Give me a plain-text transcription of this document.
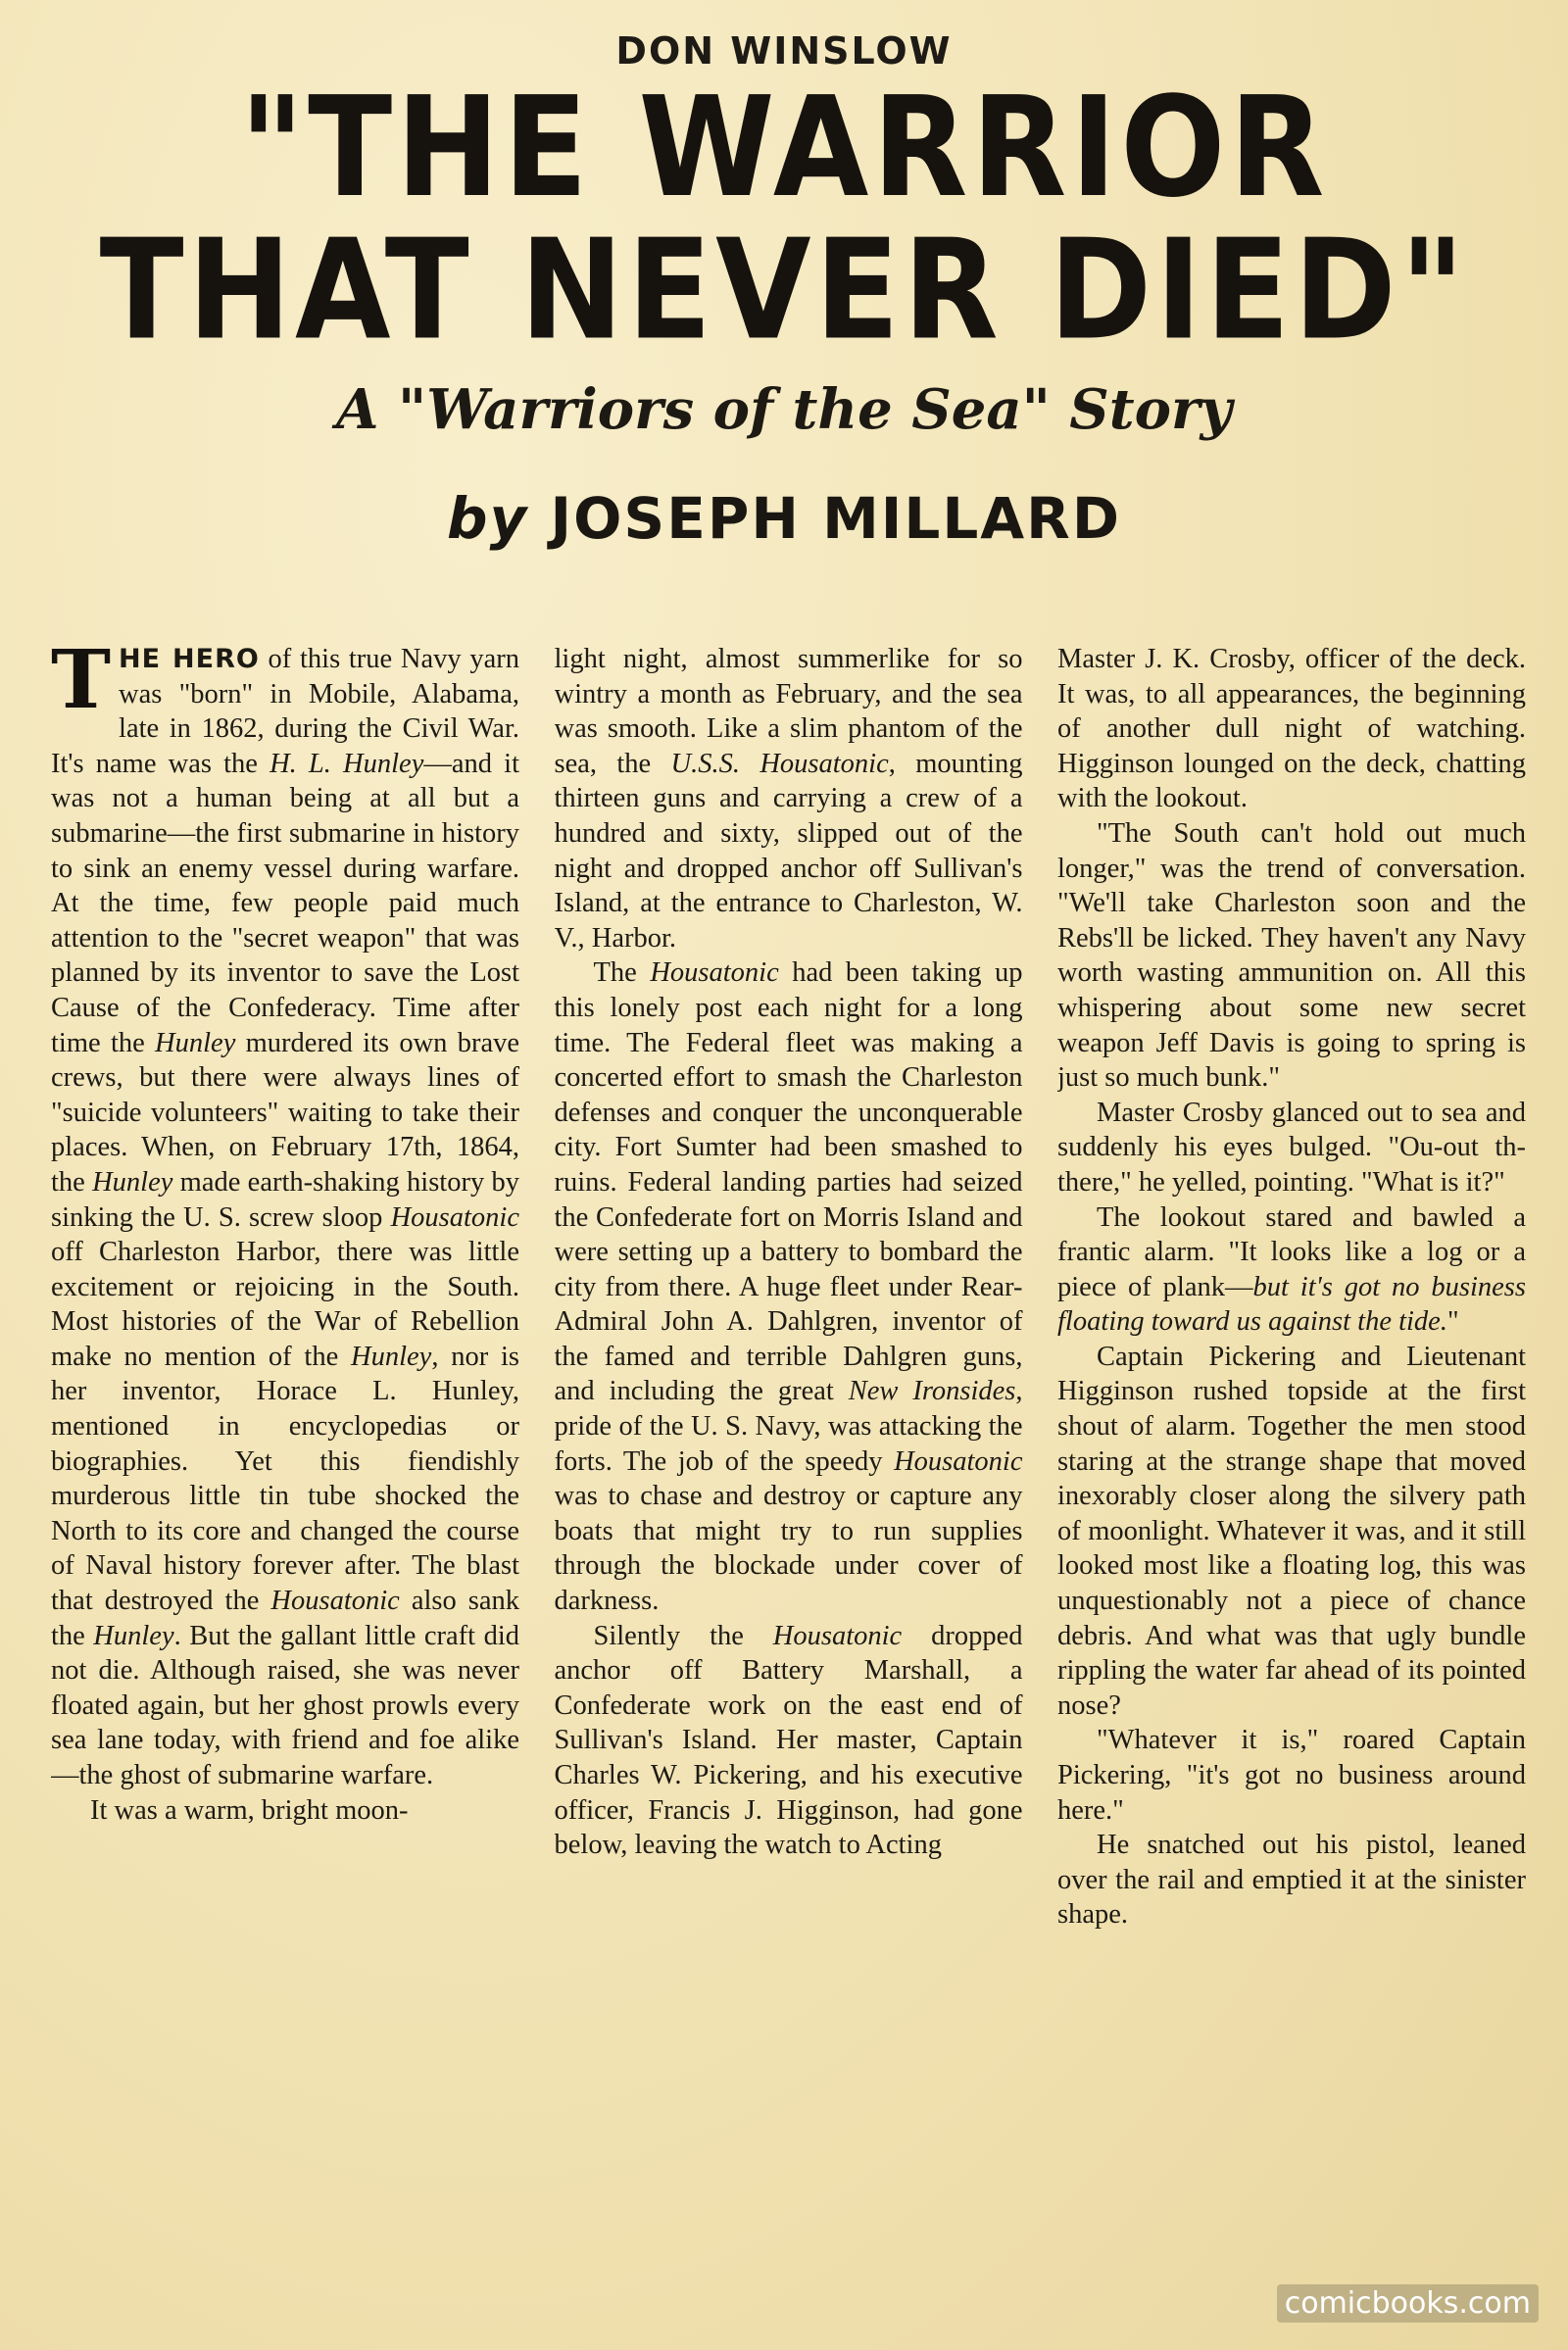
DON WINSLOW
"THE WARRIOR
THAT NEVER DIED"
A "Warriors of the Sea" Story
by JOSEPH MILLARD

THE HERO of this true Navy yarn was "born" in Mobile, Alabama, late in 1862, during the Civil War. It's name was the H. L. Hunley—and it was not a human being at all but a submarine—the first submarine in history to sink an enemy vessel during warfare. At the time, few people paid much attention to the "secret weapon" that was planned by its inventor to save the Lost Cause of the Confederacy. Time after time the Hunley murdered its own brave crews, but there were always lines of "suicide volunteers" waiting to take their places. When, on February 17th, 1864, the Hunley made earth-shaking history by sinking the U. S. screw sloop Housatonic off Charleston Harbor, there was little excitement or rejoicing in the South. Most histories of the War of Rebellion make no mention of the Hunley, nor is her inventor, Horace L. Hunley, mentioned in encyclopedias or biographies. Yet this fiendishly murderous little tin tube shocked the North to its core and changed the course of Naval history forever after. The blast that destroyed the Housatonic also sank the Hunley. But the gallant little craft did not die. Although raised, she was never floated again, but her ghost prowls every sea lane today, with friend and foe alike—the ghost of submarine warfare.

It was a warm, bright moon-

light night, almost summerlike for so wintry a month as February, and the sea was smooth. Like a slim phantom of the sea, the U.S.S. Housatonic, mounting thirteen guns and carrying a crew of a hundred and sixty, slipped out of the night and dropped anchor off Sullivan's Island, at the entrance to Charleston, W. V., Harbor.

The Housatonic had been taking up this lonely post each night for a long time. The Federal fleet was making a concerted effort to smash the Charleston defenses and conquer the unconquerable city. Fort Sumter had been smashed to ruins. Federal landing parties had seized the Confederate fort on Morris Island and were setting up a battery to bombard the city from there. A huge fleet under Rear-Admiral John A. Dahlgren, inventor of the famed and terrible Dahlgren guns, and including the great New Ironsides, pride of the U. S. Navy, was attacking the forts. The job of the speedy Housatonic was to chase and destroy or capture any boats that might try to run supplies through the blockade under cover of darkness.

Silently the Housatonic dropped anchor off Battery Marshall, a Confederate work on the east end of Sullivan's Island. Her master, Captain Charles W. Pickering, and his executive officer, Francis J. Higginson, had gone below, leaving the watch to Acting

Master J. K. Crosby, officer of the deck. It was, to all appearances, the beginning of another dull night of watching. Higginson lounged on the deck, chatting with the lookout.

"The South can't hold out much longer," was the trend of conversation. "We'll take Charleston soon and the Rebs'll be licked. They haven't any Navy worth wasting ammunition on. All this whispering about some new secret weapon Jeff Davis is going to spring is just so much bunk."

Master Crosby glanced out to sea and suddenly his eyes bulged. "Ou-out th-there," he yelled, pointing. "What is it?"

The lookout stared and bawled a frantic alarm. "It looks like a log or a piece of plank—but it's got no business floating toward us against the tide."

Captain Pickering and Lieutenant Higginson rushed topside at the first shout of alarm. Together the men stood staring at the strange shape that moved inexorably closer along the silvery path of moonlight. Whatever it was, and it still looked most like a floating log, this was unquestionably not a piece of chance debris. And what was that ugly bundle rippling the water far ahead of its pointed nose?

"Whatever it is," roared Captain Pickering, "it's got no business around here."

He snatched out his pistol, leaned over the rail and emptied it at the sinister shape.

comicbooks.com
